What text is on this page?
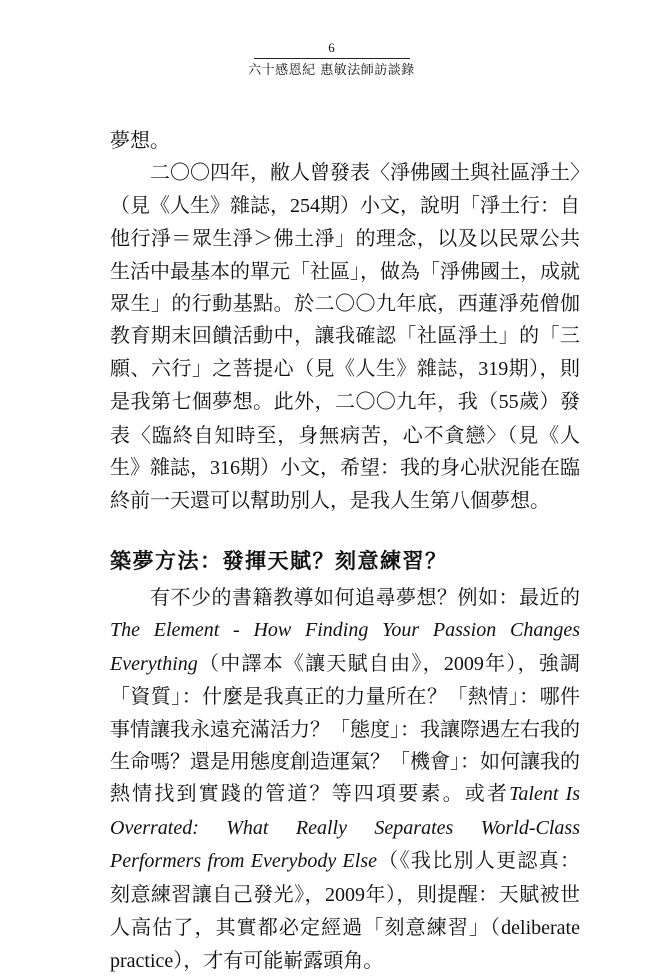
6
六十感恩紀 惠敏法師訪談錄

夢想。

二〇〇四年，敝人曾發表〈淨佛國土與社區淨土〉（見《人生》雜誌，254期）小文，說明「淨土行：自他行淨＝眾生淨＞佛土淨」的理念，以及以民眾公共生活中最基本的單元「社區」，做為「淨佛國土，成就眾生」的行動基點。於二〇〇九年底，西蓮淨苑僧伽教育期末回饋活動中，讓我確認「社區淨土」的「三願、六行」之菩提心（見《人生》雜誌，319期），則是我第七個夢想。此外，二〇〇九年，我（55歲）發表〈臨終自知時至，身無病苦，心不貪戀〉（見《人生》雜誌，316期）小文，希望：我的身心狀況能在臨終前一天還可以幫助別人，是我人生第八個夢想。

築夢方法：發揮天賦？刻意練習？

有不少的書籍教導如何追尋夢想？例如：最近的The Element - How Finding Your Passion Changes Everything（中譯本《讓天賦自由》，2009年），強調「資質」：什麼是我真正的力量所在？「熱情」：哪件事情讓我永遠充滿活力？「態度」：我讓際遇左右我的生命嗎？還是用態度創造運氣？「機會」：如何讓我的熱情找到實踐的管道？等四項要素。或者Talent Is Overrated: What Really Separates World-Class Performers from Everybody Else（《我比別人更認真：刻意練習讓自己發光》，2009年），則提醒：天賦被世人高估了，其實都必定經過「刻意練習」（deliberate practice），才有可能嶄露頭角。
